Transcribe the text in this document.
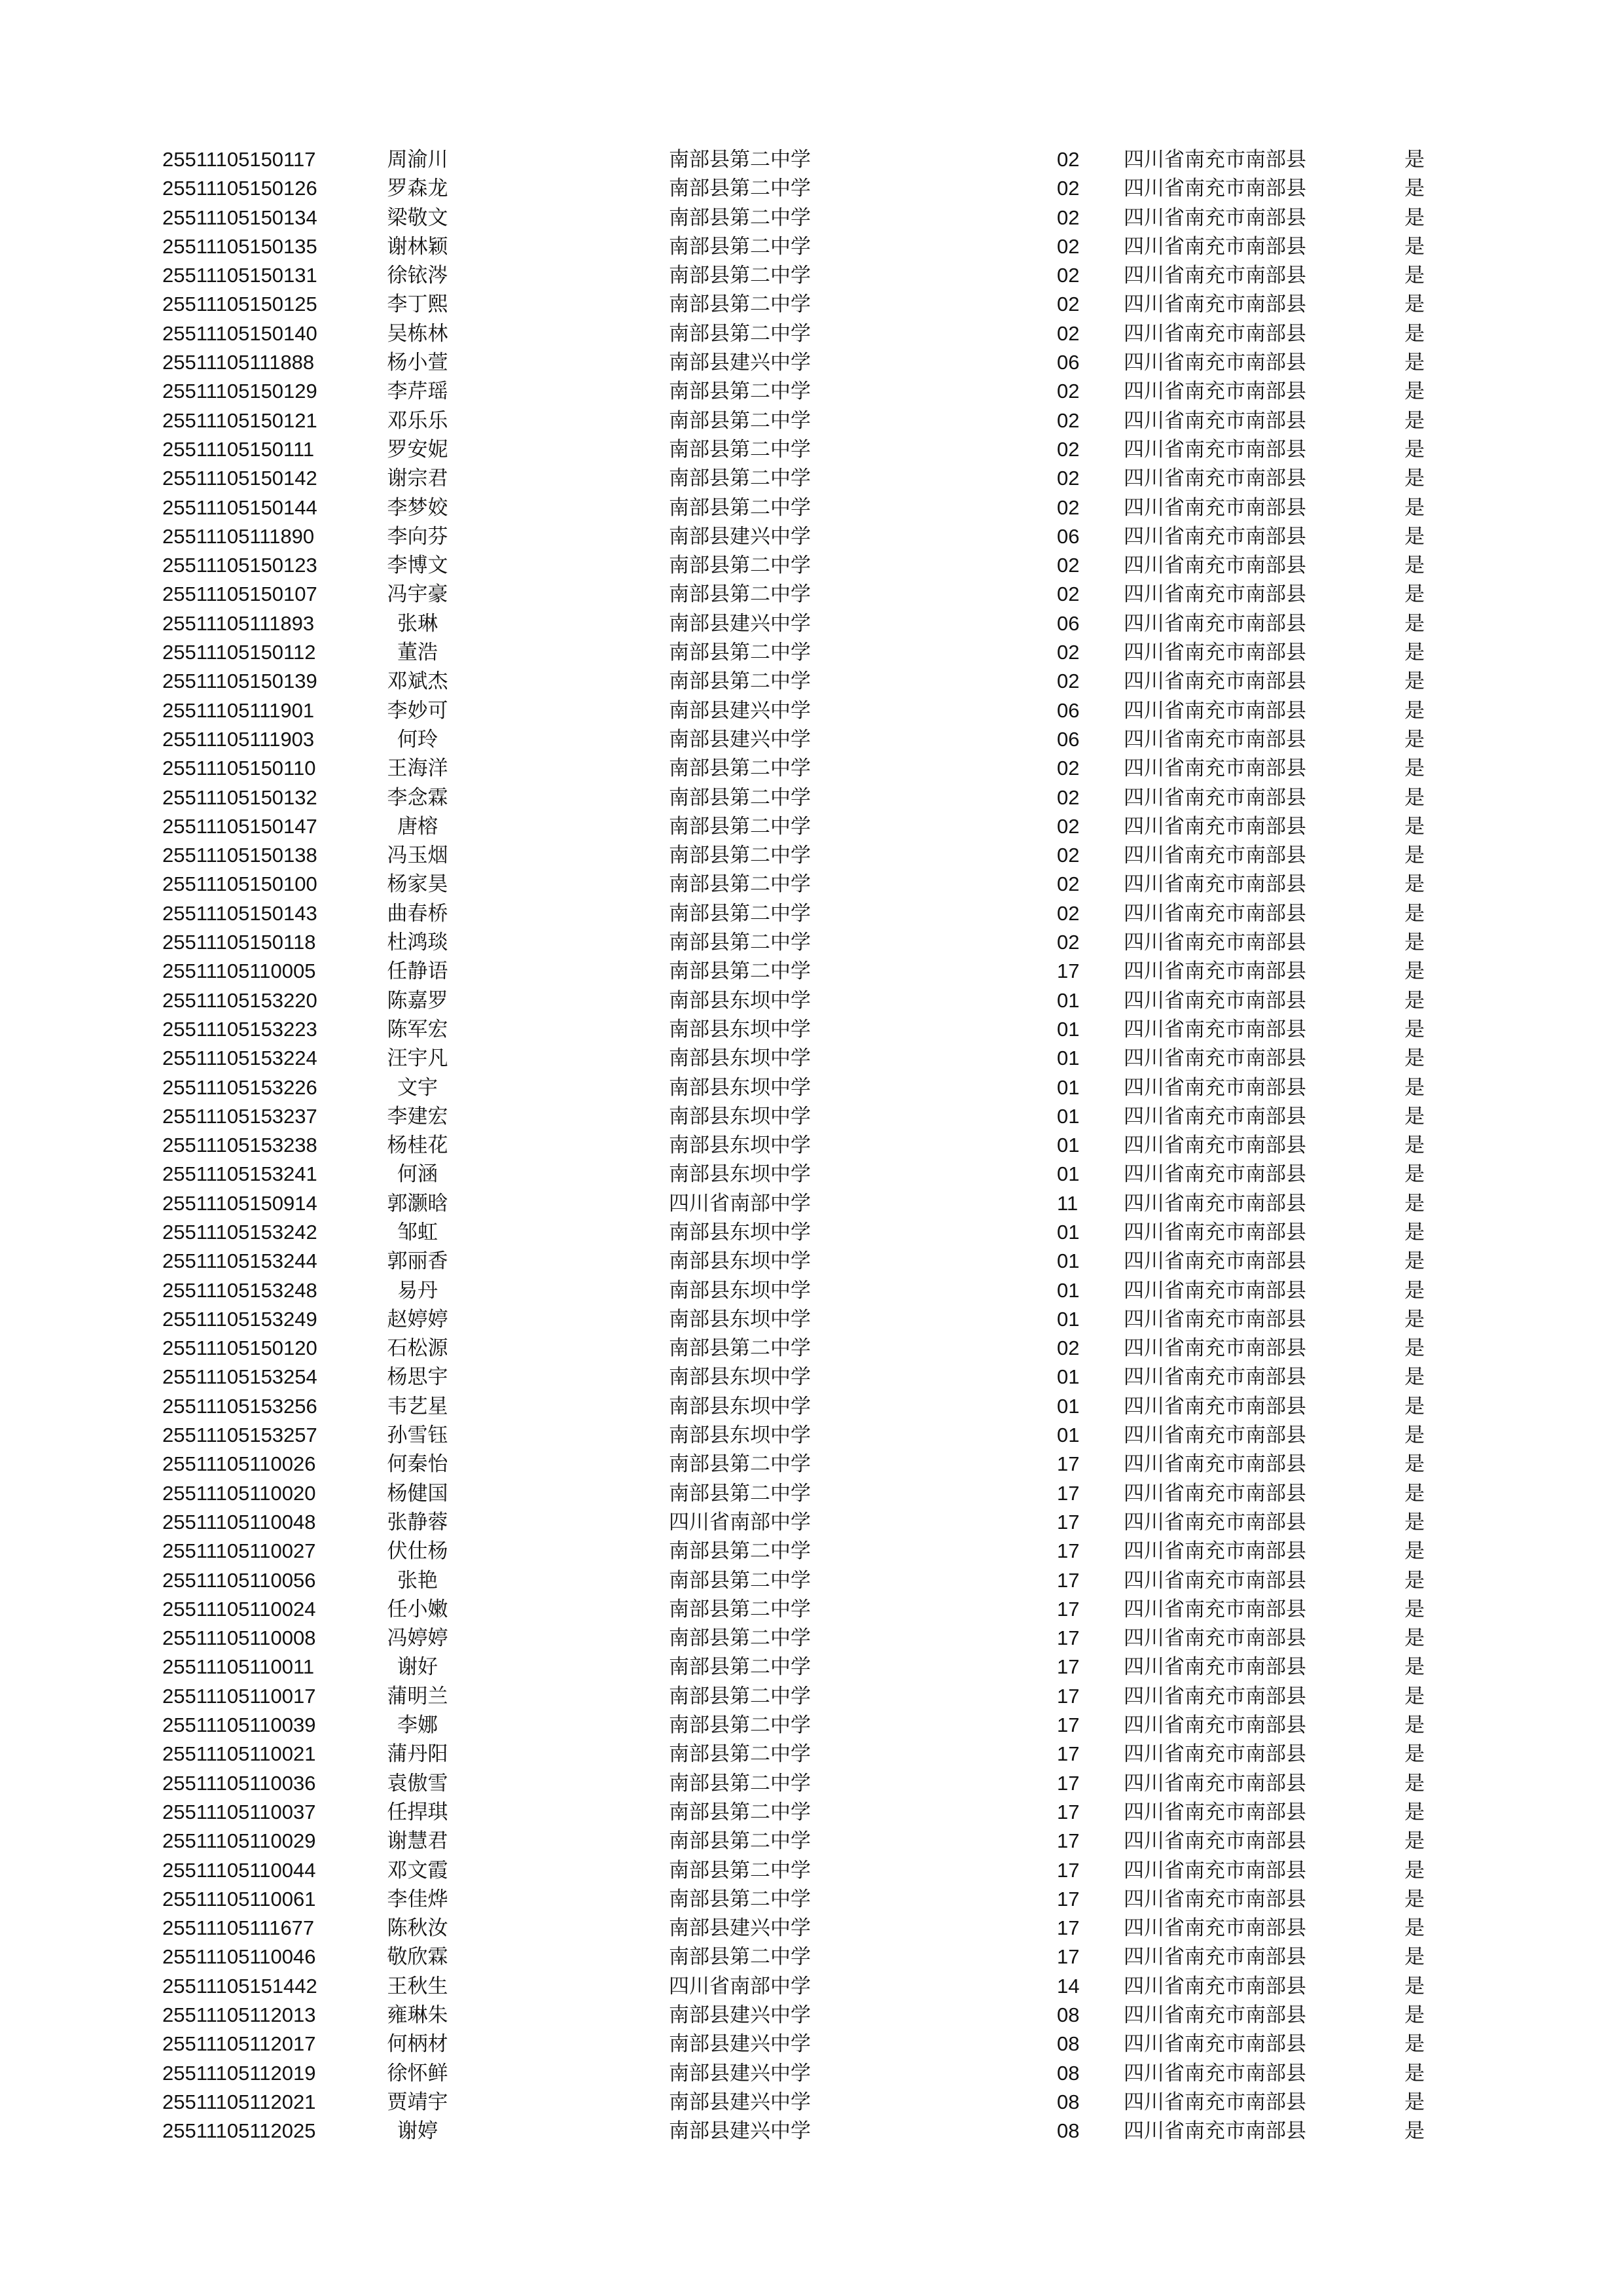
25511105150117	周渝川	南部县第二中学	02 四川省南充市南部县	是
25511105150126	罗森龙	南部县第二中学	02 四川省南充市南部县	是
25511105150134	梁敬文	南部县第二中学	02 四川省南充市南部县	是
25511105150135	谢林颖	南部县第二中学	02 四川省南充市南部县	是
25511105150131	徐铱涔	南部县第二中学	02 四川省南充市南部县	是
25511105150125	李丁熙	南部县第二中学	02 四川省南充市南部县	是
25511105150140	吴栋林	南部县第二中学	02 四川省南充市南部县	是
25511105111888	杨小萱	南部县建兴中学	06 四川省南充市南部县	是
25511105150129	李芹瑶	南部县第二中学	02 四川省南充市南部县	是
25511105150121	邓乐乐	南部县第二中学	02 四川省南充市南部县	是
25511105150111	罗安妮	南部县第二中学	02 四川省南充市南部县	是
25511105150142	谢宗君	南部县第二中学	02 四川省南充市南部县	是
25511105150144	李梦姣	南部县第二中学	02 四川省南充市南部县	是
25511105111890	李向芬	南部县建兴中学	06 四川省南充市南部县	是
25511105150123	李博文	南部县第二中学	02 四川省南充市南部县	是
25511105150107	冯宇豪	南部县第二中学	02 四川省南充市南部县	是
25511105111893	张琳	南部县建兴中学	06 四川省南充市南部县	是
25511105150112	董浩	南部县第二中学	02 四川省南充市南部县	是
25511105150139	邓斌杰	南部县第二中学	02 四川省南充市南部县	是
25511105111901	李妙可	南部县建兴中学	06 四川省南充市南部县	是
25511105111903	何玲	南部县建兴中学	06 四川省南充市南部县	是
25511105150110	王海洋	南部县第二中学	02 四川省南充市南部县	是
25511105150132	李念霖	南部县第二中学	02 四川省南充市南部县	是
25511105150147	唐榕	南部县第二中学	02 四川省南充市南部县	是
25511105150138	冯玉烟	南部县第二中学	02 四川省南充市南部县	是
25511105150100	杨家昊	南部县第二中学	02 四川省南充市南部县	是
25511105150143	曲春桥	南部县第二中学	02 四川省南充市南部县	是
25511105150118	杜鸿琰	南部县第二中学	02 四川省南充市南部县	是
25511105110005	任静语	南部县第二中学	17 四川省南充市南部县	是
25511105153220	陈嘉罗	南部县东坝中学	01 四川省南充市南部县	是
25511105153223	陈军宏	南部县东坝中学	01 四川省南充市南部县	是
25511105153224	汪宇凡	南部县东坝中学	01 四川省南充市南部县	是
25511105153226	文宇	南部县东坝中学	01 四川省南充市南部县	是
25511105153237	李建宏	南部县东坝中学	01 四川省南充市南部县	是
25511105153238	杨桂花	南部县东坝中学	01 四川省南充市南部县	是
25511105153241	何涵	南部县东坝中学	01 四川省南充市南部县	是
25511105150914	郭灏晗	四川省南部中学	11 四川省南充市南部县	是
25511105153242	邹虹	南部县东坝中学	01 四川省南充市南部县	是
25511105153244	郭丽香	南部县东坝中学	01 四川省南充市南部县	是
25511105153248	易丹	南部县东坝中学	01 四川省南充市南部县	是
25511105153249	赵婷婷	南部县东坝中学	01 四川省南充市南部县	是
25511105150120	石松源	南部县第二中学	02 四川省南充市南部县	是
25511105153254	杨思宇	南部县东坝中学	01 四川省南充市南部县	是
25511105153256	韦艺星	南部县东坝中学	01 四川省南充市南部县	是
25511105153257	孙雪钰	南部县东坝中学	01 四川省南充市南部县	是
25511105110026	何秦怡	南部县第二中学	17 四川省南充市南部县	是
25511105110020	杨健国	南部县第二中学	17 四川省南充市南部县	是
25511105110048	张静蓉	四川省南部中学	17 四川省南充市南部县	是
25511105110027	伏仕杨	南部县第二中学	17 四川省南充市南部县	是
25511105110056	张艳	南部县第二中学	17 四川省南充市南部县	是
25511105110024	任小嫩	南部县第二中学	17 四川省南充市南部县	是
25511105110008	冯婷婷	南部县第二中学	17 四川省南充市南部县	是
25511105110011	谢好	南部县第二中学	17 四川省南充市南部县	是
25511105110017	蒲明兰	南部县第二中学	17 四川省南充市南部县	是
25511105110039	李娜	南部县第二中学	17 四川省南充市南部县	是
25511105110021	蒲丹阳	南部县第二中学	17 四川省南充市南部县	是
25511105110036	袁傲雪	南部县第二中学	17 四川省南充市南部县	是
25511105110037	任捍琪	南部县第二中学	17 四川省南充市南部县	是
25511105110029	谢慧君	南部县第二中学	17 四川省南充市南部县	是
25511105110044	邓文霞	南部县第二中学	17 四川省南充市南部县	是
25511105110061	李佳烨	南部县第二中学	17 四川省南充市南部县	是
25511105111677	陈秋汝	南部县建兴中学	17 四川省南充市南部县	是
25511105110046	敬欣霖	南部县第二中学	17 四川省南充市南部县	是
25511105151442	王秋生	四川省南部中学	14 四川省南充市南部县	是
25511105112013	雍琳朱	南部县建兴中学	08 四川省南充市南部县	是
25511105112017	何柄材	南部县建兴中学	08 四川省南充市南部县	是
25511105112019	徐怀鲜	南部县建兴中学	08 四川省南充市南部县	是
25511105112021	贾靖宇	南部县建兴中学	08 四川省南充市南部县	是
25511105112025	谢婷	南部县建兴中学	08 四川省南充市南部县	是
